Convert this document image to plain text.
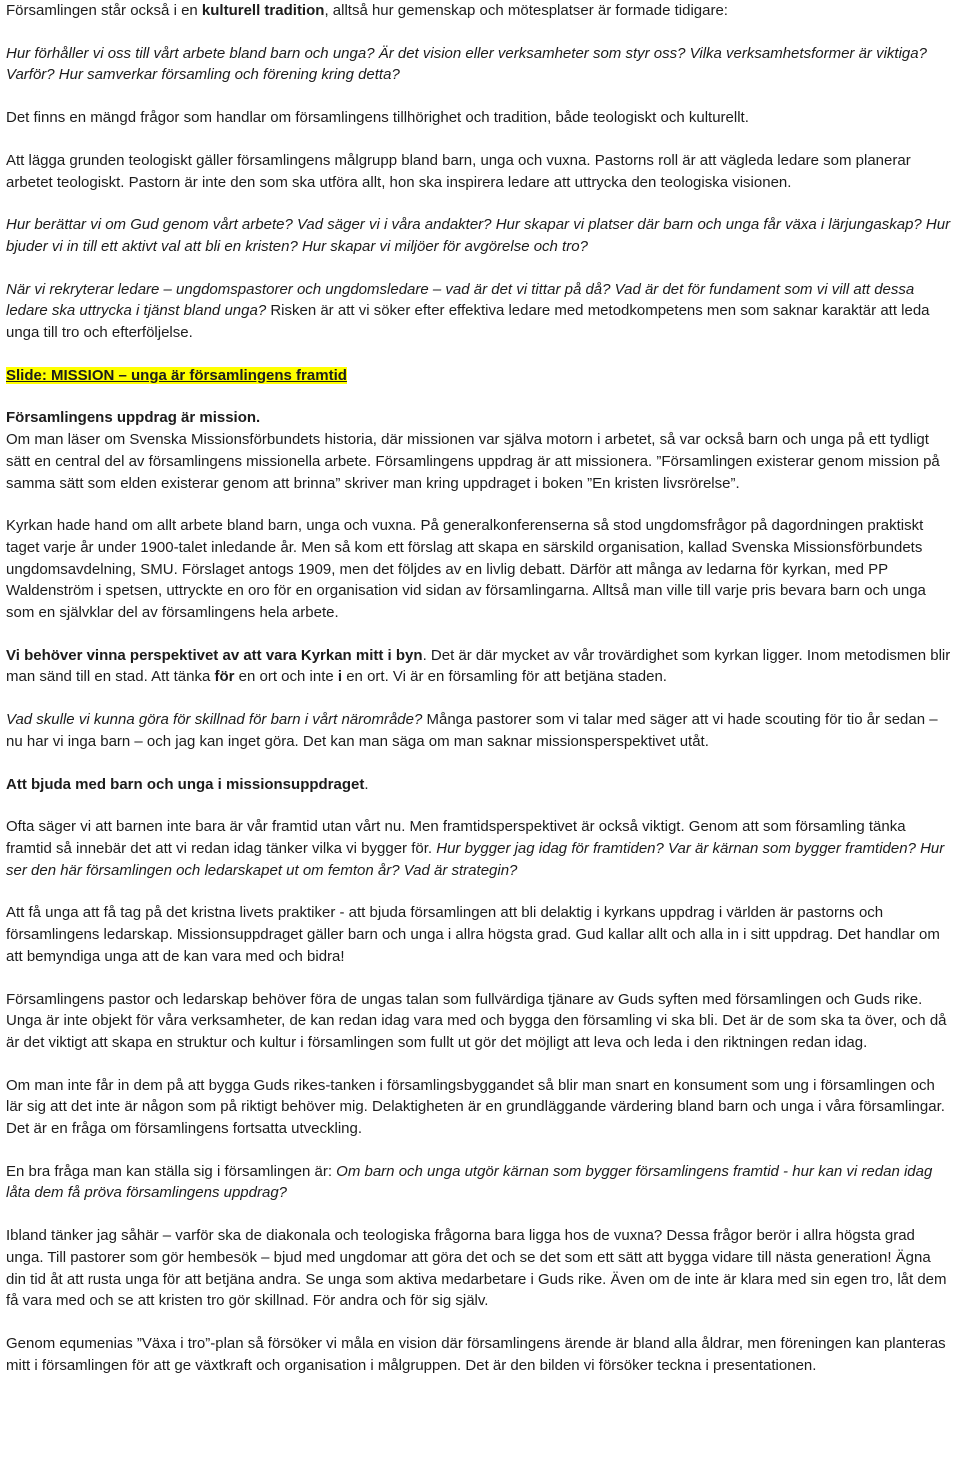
Församlingen står också i en kulturell tradition, alltså hur gemenskap och mötesplatser är formade tidigare:

Hur förhåller vi oss till vårt arbete bland barn och unga? Är det vision eller verksamheter som styr oss? Vilka verksamhetsformer är viktiga? Varför? Hur samverkar församling och förening kring detta?

Det finns en mängd frågor som handlar om församlingens tillhörighet och tradition, både teologiskt och kulturellt.

Att lägga grunden teologiskt gäller församlingens målgrupp bland barn, unga och vuxna. Pastorns roll är att vägleda ledare som planerar arbetet teologiskt. Pastorn är inte den som ska utföra allt, hon ska inspirera ledare att uttrycka den teologiska visionen.

Hur berättar vi om Gud genom vårt arbete? Vad säger vi i våra andakter? Hur skapar vi platser där barn och unga får växa i lärjungaskap? Hur bjuder vi in till ett aktivt val att bli en kristen? Hur skapar vi miljöer för avgörelse och tro?

När vi rekryterar ledare – ungdomspastorer och ungdomsledare – vad är det vi tittar på då? Vad är det för fundament som vi vill att dessa ledare ska uttrycka i tjänst bland unga? Risken är att vi söker efter effektiva ledare med metodkompetens men som saknar karaktär att leda unga till tro och efterföljelse.

Slide: MISSION – unga är församlingens framtid

Församlingens uppdrag är mission.

Om man läser om Svenska Missionsförbundets historia, där missionen var själva motorn i arbetet, så var också barn och unga på ett tydligt sätt en central del av församlingens missionella arbete. Församlingens uppdrag är att missionera. ”Församlingen existerar genom mission på samma sätt som elden existerar genom att brinna” skriver man kring uppdraget i boken ”En kristen livsrörelse”.

Kyrkan hade hand om allt arbete bland barn, unga och vuxna. På generalkonferenserna så stod ungdomsfrågor på dagordningen praktiskt taget varje år under 1900-talet inledande år. Men så kom ett förslag att skapa en särskild organisation, kallad Svenska Missionsförbundets ungdomsavdelning, SMU. Förslaget antogs 1909, men det följdes av en livlig debatt. Därför att många av ledarna för kyrkan, med PP Waldenström i spetsen, uttryckte en oro för en organisation vid sidan av församlingarna. Alltså man ville till varje pris bevara barn och unga som en självklar del av församlingens hela arbete.

Vi behöver vinna perspektivet av att vara Kyrkan mitt i byn. Det är där mycket av vår trovärdighet som kyrkan ligger. Inom metodismen blir man sänd till en stad. Att tänka för en ort och inte i en ort. Vi är en församling för att betjäna staden.

Vad skulle vi kunna göra för skillnad för barn i vårt närområde? Många pastorer som vi talar med säger att vi hade scouting för tio år sedan – nu har vi inga barn – och jag kan inget göra. Det kan man säga om man saknar missionsperspektivet utåt.

Att bjuda med barn och unga i missionsuppdraget.

Ofta säger vi att barnen inte bara är vår framtid utan vårt nu. Men framtidsperspektivet är också viktigt. Genom att som församling tänka framtid så innebär det att vi redan idag tänker vilka vi bygger för. Hur bygger jag idag för framtiden? Var är kärnan som bygger framtiden? Hur ser den här församlingen och ledarskapet ut om femton år? Vad är strategin?

Att få unga att få tag på det kristna livets praktiker - att bjuda församlingen att bli delaktig i kyrkans uppdrag i världen är pastorns och församlingens ledarskap. Missionsuppdraget gäller barn och unga i allra högsta grad. Gud kallar allt och alla in i sitt uppdrag. Det handlar om att bemyndiga unga att de kan vara med och bidra!

Församlingens pastor och ledarskap behöver föra de ungas talan som fullvärdiga tjänare av Guds syften med församlingen och Guds rike. Unga är inte objekt för våra verksamheter, de kan redan idag vara med och bygga den församling vi ska bli. Det är de som ska ta över, och då är det viktigt att skapa en struktur och kultur i församlingen som fullt ut gör det möjligt att leva och leda i den riktningen redan idag.

Om man inte får in dem på att bygga Guds rikes-tanken i församlingsbyggandet så blir man snart en konsument som ung i församlingen och lär sig att det inte är någon som på riktigt behöver mig. Delaktigheten är en grundläggande värdering bland barn och unga i våra församlingar. Det är en fråga om församlingens fortsatta utveckling.

En bra fråga man kan ställa sig i församlingen är: Om barn och unga utgör kärnan som bygger församlingens framtid - hur kan vi redan idag låta dem få pröva församlingens uppdrag?

Ibland tänker jag såhär – varför ska de diakonala och teologiska frågorna bara ligga hos de vuxna? Dessa frågor berör i allra högsta grad unga. Till pastorer som gör hembesök – bjud med ungdomar att göra det och se det som ett sätt att bygga vidare till nästa generation! Ägna din tid åt att rusta unga för att betjäna andra. Se unga som aktiva medarbetare i Guds rike. Även om de inte är klara med sin egen tro, låt dem få vara med och se att kristen tro gör skillnad. För andra och för sig själv.

Genom equmenias ”Växa i tro”-plan så försöker vi måla en vision där församlingens ärende är bland alla åldrar, men föreningen kan planteras mitt i församlingen för att ge växtkraft och organisation i målgruppen. Det är den bilden vi försöker teckna i presentationen.
